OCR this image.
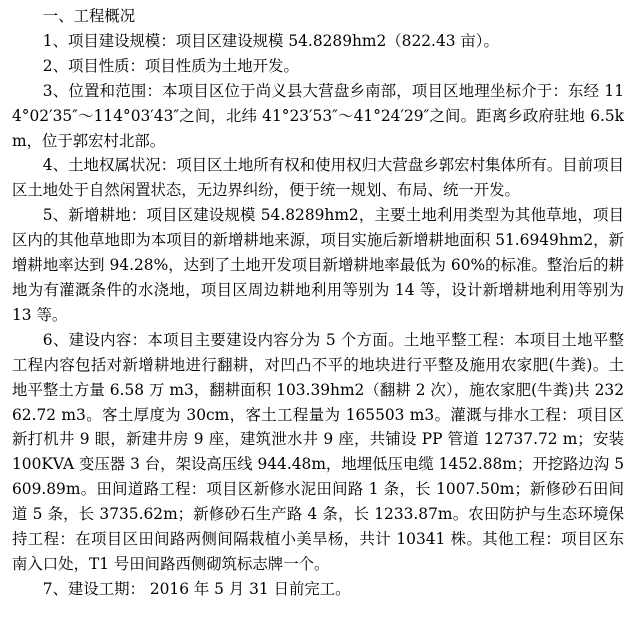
一、工程概况

1、项目建设规模：项目区建设规模 54.8289hm2（822.43 亩）。

2、项目性质：项目性质为土地开发。

3、位置和范围：本项目区位于尚义县大营盘乡南部，项目区地理坐标介于：东经 114°02′35″～114°03′43″之间，北纬 41°23′53″～41°24′29″之间。距离乡政府驻地 6.5km，位于郭宏村北部。

4、土地权属状况：项目区土地所有权和使用权归大营盘乡郭宏村集体所有。目前项目区土地处于自然闲置状态，无边界纠纷，便于统一规划、布局、统一开发。

5、新增耕地：项目区建设规模 54.8289hm2，主要土地利用类型为其他草地，项目区内的其他草地即为本项目的新增耕地来源，项目实施后新增耕地面积 51.6949hm2，新增耕地率达到 94.28%，达到了土地开发项目新增耕地率最低为 60%的标准。整治后的耕地为有灌溉条件的水浇地，项目区周边耕地利用等别为 14 等，设计新增耕地利用等别为 13 等。

6、建设内容：本项目主要建设内容分为 5 个方面。土地平整工程：本项目土地平整工程内容包括对新增耕地进行翻耕，对凹凸不平的地块进行平整及施用农家肥(牛粪)。土地平整土方量 6.58 万 m3，翻耕面积 103.39hm2（翻耕 2 次），施农家肥(牛粪)共 23262.72 m3。客土厚度为 30cm，客土工程量为 165503 m3。灌溉与排水工程：项目区新打机井 9 眼，新建井房 9 座，建筑泄水井 9 座，共铺设 PP 管道 12737.72 m；安装 100KVA 变压器 3 台，架设高压线 944.48m，地埋低压电缆 1452.88m；开挖路边沟 5609.89m。田间道路工程：项目区新修水泥田间路 1 条，长 1007.50m；新修砂石田间道 5 条，长 3735.62m；新修砂石生产路 4 条，长 1233.87m。农田防护与生态环境保持工程：在项目区田间路两侧间隔栽植小美旱杨，共计 10341 株。其他工程：项目区东南入口处，T1 号田间路西侧砌筑标志牌一个。

7、建设工期： 2016 年 5 月 31 日前完工。
